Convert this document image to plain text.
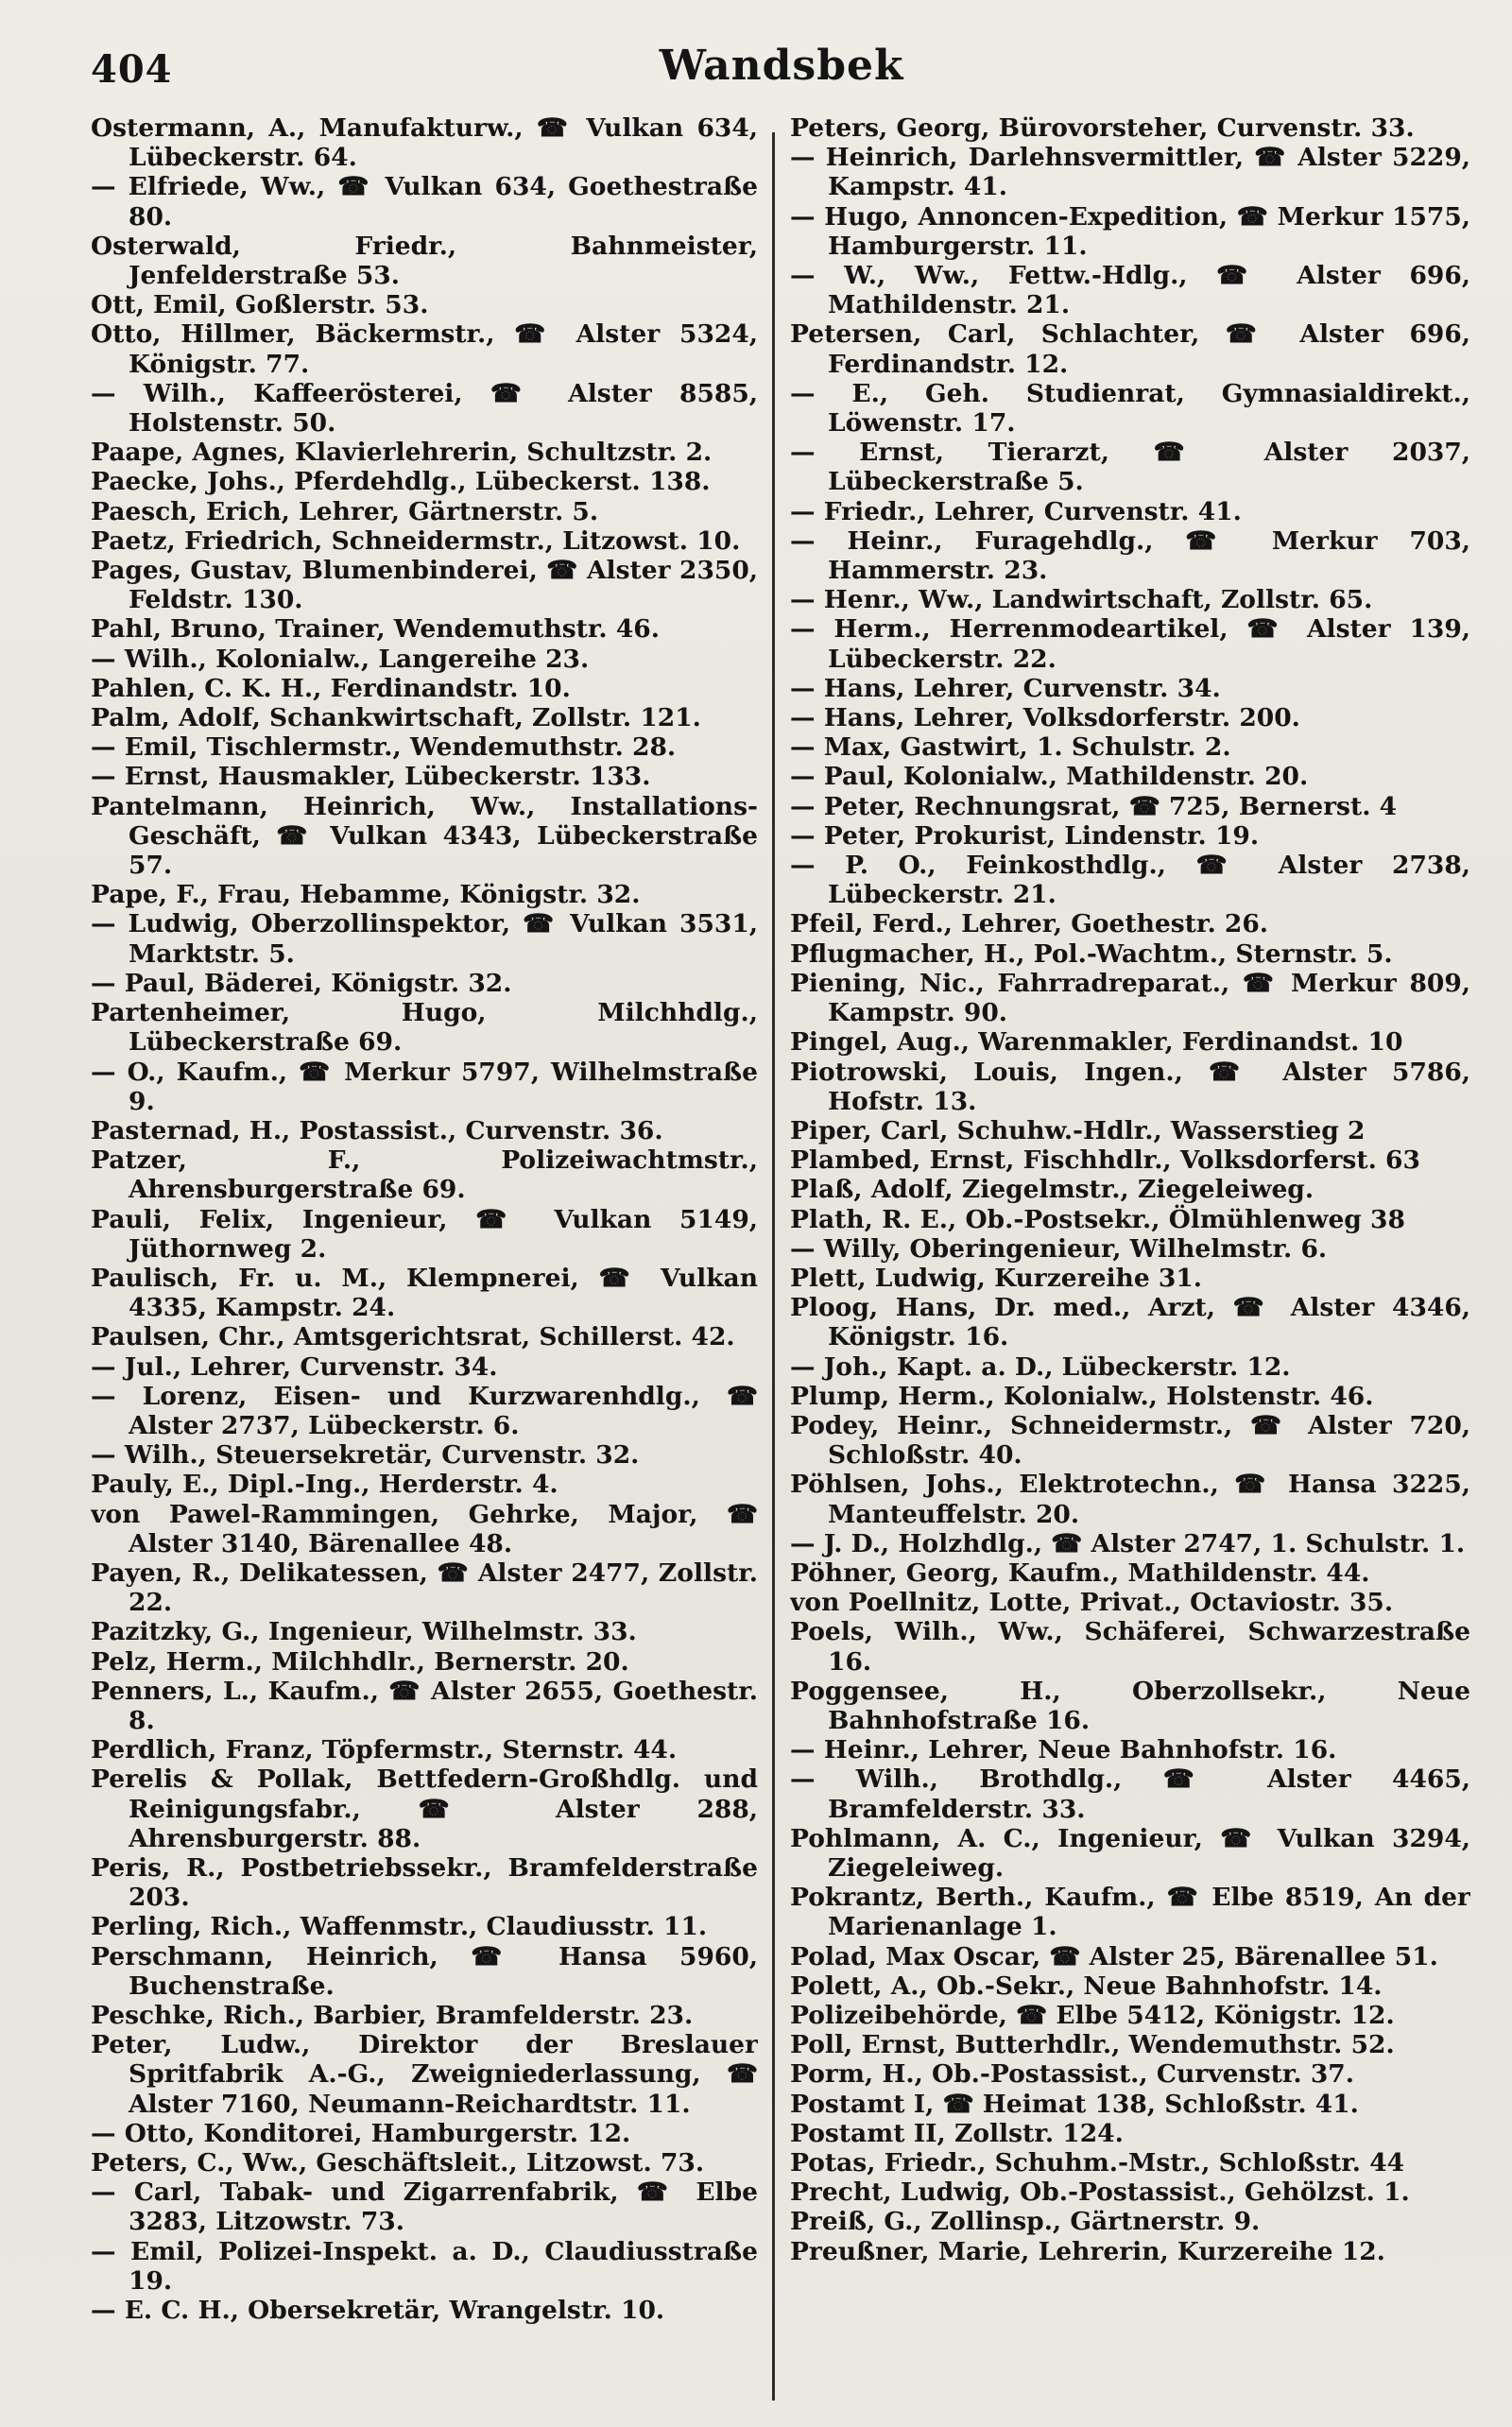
404	Wandsbek
Ostermann, A., Manufakturw., ☎ Vulkan 634, Lübeckerstr. 64.
— Elfriede, Ww., ☎ Vulkan 634, Goethestraße 80.
Osterwald, Friedr., Bahnmeister, Jenfelderstraße 53.
Ott, Emil, Goßlerstr. 53.
Otto, Hillmer, Bäckermstr., ☎ Alster 5324, Königstr. 77.
— Wilh., Kaffeerösterei, ☎ Alster 8585, Holstenstr. 50.
Paape, Agnes, Klavierlehrerin, Schultzstr. 2.
Paecke, Johs., Pferdehdlg., Lübeckerst. 138.
Paesch, Erich, Lehrer, Gärtnerstr. 5.
Paetz, Friedrich, Schneidermstr., Litzowst. 10.
Pages, Gustav, Blumenbinderei, ☎ Alster 2350, Feldstr. 130.
Pahl, Bruno, Trainer, Wendemuthstr. 46.
— Wilh., Kolonialw., Langereihe 23.
Pahlen, C. K. H., Ferdinandstr. 10.
Palm, Adolf, Schankwirtschaft, Zollstr. 121.
— Emil, Tischlermstr., Wendemuthstr. 28.
— Ernst, Hausmakler, Lübeckerstr. 133.
Pantelmann, Heinrich, Ww., Installations-Geschäft, ☎ Vulkan 4343, Lübeckerstraße 57.
Pape, F., Frau, Hebamme, Königstr. 32.
— Ludwig, Oberzollinspektor, ☎ Vulkan 3531, Marktstr. 5.
— Paul, Bäderei, Königstr. 32.
Partenheimer, Hugo, Milchhdlg., Lübeckerstraße 69.
— O., Kaufm., ☎ Merkur 5797, Wilhelmstraße 9.
Pasternad, H., Postassist., Curvenstr. 36.
Patzer, F., Polizeiwachtmstr., Ahrensburgerstraße 69.
Pauli, Felix, Ingenieur, ☎ Vulkan 5149, Jüthornweg 2.
Paulisch, Fr. u. M., Klempnerei, ☎ Vulkan 4335, Kampstr. 24.
Paulsen, Chr., Amtsgerichtsrat, Schillerst. 42.
— Jul., Lehrer, Curvenstr. 34.
— Lorenz, Eisen- und Kurzwarenhdlg., ☎ Alster 2737, Lübeckerstr. 6.
— Wilh., Steuersekretär, Curvenstr. 32.
Pauly, E., Dipl.-Ing., Herderstr. 4.
von Pawel-Rammingen, Gehrke, Major, ☎ Alster 3140, Bärenallee 48.
Payen, R., Delikatessen, ☎ Alster 2477, Zollstr. 22.
Pazitzky, G., Ingenieur, Wilhelmstr. 33.
Pelz, Herm., Milchhdlr., Bernerstr. 20.
Penners, L., Kaufm., ☎ Alster 2655, Goethestr. 8.
Perdlich, Franz, Töpfermstr., Sternstr. 44.
Perelis & Pollak, Bettfedern-Großhdlg. und Reinigungsfabr., ☎ Alster 288, Ahrensburgerstr. 88.
Peris, R., Postbetriebssekr., Bramfelderstraße 203.
Perling, Rich., Waffenmstr., Claudiusstr. 11.
Perschmann, Heinrich, ☎ Hansa 5960, Buchenstraße.
Peschke, Rich., Barbier, Bramfelderstr. 23.
Peter, Ludw., Direktor der Breslauer Spritfabrik A.-G., Zweigniederlassung, ☎ Alster 7160, Neumann-Reichardtstr. 11.
— Otto, Konditorei, Hamburgerstr. 12.
Peters, C., Ww., Geschäftsleit., Litzowst. 73.
— Carl, Tabak- und Zigarrenfabrik, ☎ Elbe 3283, Litzowstr. 73.
— Emil, Polizei-Inspekt. a. D., Claudiusstraße 19.
— E. C. H., Obersekretär, Wrangelstr. 10.
Peters, Georg, Bürovorsteher, Curvenstr. 33.
— Heinrich, Darlehnsvermittler, ☎ Alster 5229, Kampstr. 41.
— Hugo, Annoncen-Expedition, ☎ Merkur 1575, Hamburgerstr. 11.
— W., Ww., Fettw.-Hdlg., ☎ Alster 696, Mathildenstr. 21.
Petersen, Carl, Schlachter, ☎ Alster 696, Ferdinandstr. 12.
— E., Geh. Studienrat, Gymnasialdirekt., Löwenstr. 17.
— Ernst, Tierarzt, ☎ Alster 2037, Lübeckerstraße 5.
— Friedr., Lehrer, Curvenstr. 41.
— Heinr., Furagehdlg., ☎ Merkur 703, Hammerstr. 23.
— Henr., Ww., Landwirtschaft, Zollstr. 65.
— Herm., Herrenmodeartikel, ☎ Alster 139, Lübeckerstr. 22.
— Hans, Lehrer, Curvenstr. 34.
— Hans, Lehrer, Volksdorferstr. 200.
— Max, Gastwirt, 1. Schulstr. 2.
— Paul, Kolonialw., Mathildenstr. 20.
— Peter, Rechnungsrat, ☎ 725, Bernerst. 4
— Peter, Prokurist, Lindenstr. 19.
— P. O., Feinkosthdlg., ☎ Alster 2738, Lübeckerstr. 21.
Pfeil, Ferd., Lehrer, Goethestr. 26.
Pflugmacher, H., Pol.-Wachtm., Sternstr. 5.
Piening, Nic., Fahrradreparat., ☎ Merkur 809, Kampstr. 90.
Pingel, Aug., Warenmakler, Ferdinandst. 10
Piotrowski, Louis, Ingen., ☎ Alster 5786, Hofstr. 13.
Piper, Carl, Schuhw.-Hdlr., Wasserstieg 2
Plambed, Ernst, Fischhdlr., Volksdorferst. 63
Plaß, Adolf, Ziegelmstr., Ziegeleiweg.
Plath, R. E., Ob.-Postsekr., Ölmühlenweg 38
— Willy, Oberingenieur, Wilhelmstr. 6.
Plett, Ludwig, Kurzereihe 31.
Ploog, Hans, Dr. med., Arzt, ☎ Alster 4346, Königstr. 16.
— Joh., Kapt. a. D., Lübeckerstr. 12.
Plump, Herm., Kolonialw., Holstenstr. 46.
Podey, Heinr., Schneidermstr., ☎ Alster 720, Schloßstr. 40.
Pöhlsen, Johs., Elektrotechn., ☎ Hansa 3225, Manteuffelstr. 20.
— J. D., Holzhdlg., ☎ Alster 2747, 1. Schulstr. 1.
Pöhner, Georg, Kaufm., Mathildenstr. 44.
von Poellnitz, Lotte, Privat., Octaviostr. 35.
Poels, Wilh., Ww., Schäferei, Schwarzestraße 16.
Poggensee, H., Oberzollsekr., Neue Bahnhofstraße 16.
— Heinr., Lehrer, Neue Bahnhofstr. 16.
— Wilh., Brothdlg., ☎ Alster 4465, Bramfelderstr. 33.
Pohlmann, A. C., Ingenieur, ☎ Vulkan 3294, Ziegeleiweg.
Pokrantz, Berth., Kaufm., ☎ Elbe 8519, An der Marienanlage 1.
Polad, Max Oscar, ☎ Alster 25, Bärenallee 51.
Polett, A., Ob.-Sekr., Neue Bahnhofstr. 14.
Polizeibehörde, ☎ Elbe 5412, Königstr. 12.
Poll, Ernst, Butterhdlr., Wendemuthstr. 52.
Porm, H., Ob.-Postassist., Curvenstr. 37.
Postamt I, ☎ Heimat 138, Schloßstr. 41.
Postamt II, Zollstr. 124.
Potas, Friedr., Schuhm.-Mstr., Schloßstr. 44
Precht, Ludwig, Ob.-Postassist., Gehölzst. 1.
Preiß, G., Zollinsp., Gärtnerstr. 9.
Preußner, Marie, Lehrerin, Kurzereihe 12.
